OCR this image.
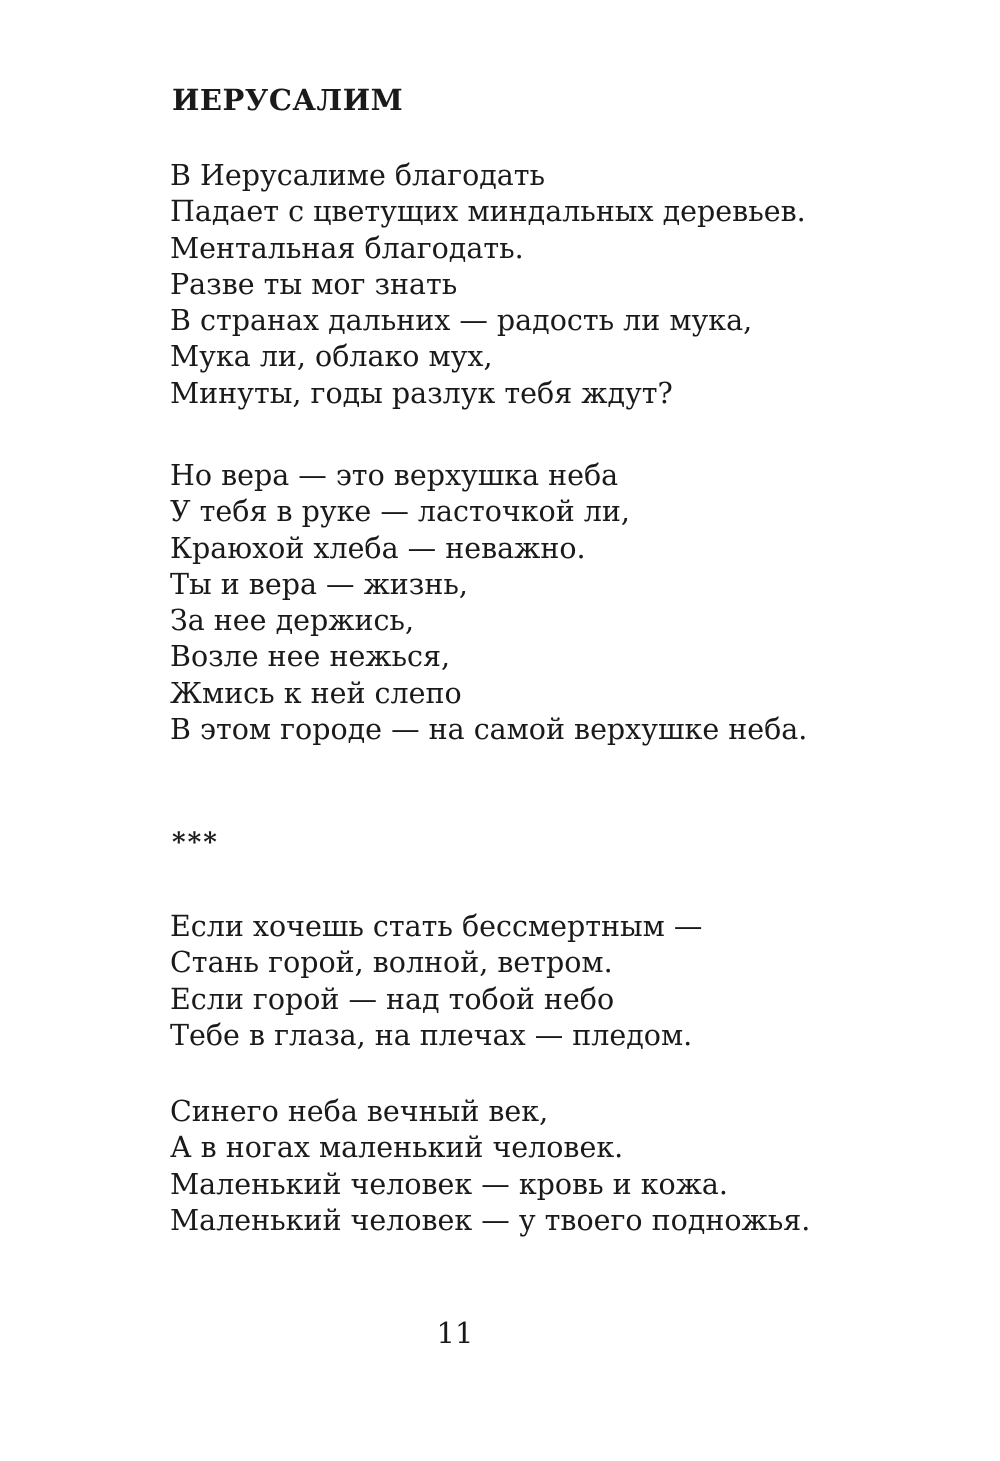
ИЕРУСАЛИМ

В Иерусалиме благодать
Падает с цветущих миндальных деревьев.
Ментальная благодать.
Разве ты мог знать
В странах дальних — радость ли мука,
Мука ли, облако мух,
Минуты, годы разлук тебя ждут?

Но вера — это верхушка неба
У тебя в руке — ласточкой ли,
Краюхой хлеба — неважно.
Ты и вера — жизнь,
За нее держись,
Возле нее нежься,
Жмись к ней слепо
В этом городе — на самой верхушке неба.

***

Если хочешь стать бессмертным —
Стань горой, волной, ветром.
Если горой — над тобой небо
Тебе в глаза, на плечах — пледом.

Синего неба вечный век,
А в ногах маленький человек.
Маленький человек — кровь и кожа.
Маленький человек — у твоего подножья.

11
